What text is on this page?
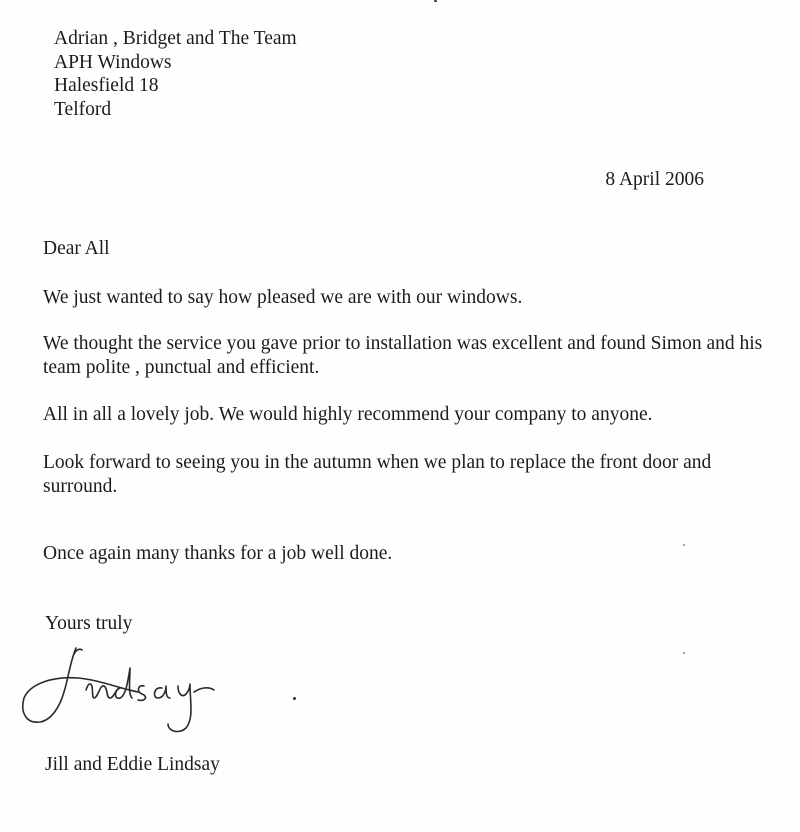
Adrian , Bridget and The Team
APH Windows
Halesfield 18
Telford
8 April 2006
Dear All
We just wanted to say how pleased we are with our windows.
We thought the service you gave prior to installation was excellent and found Simon and his team polite , punctual and efficient.
All in all a lovely job. We would highly recommend your company to anyone.
Look forward to seeing you in the autumn when we plan to replace the front door and surround.
Once again many thanks for a job well done.
Yours truly
Jill and Eddie Lindsay
